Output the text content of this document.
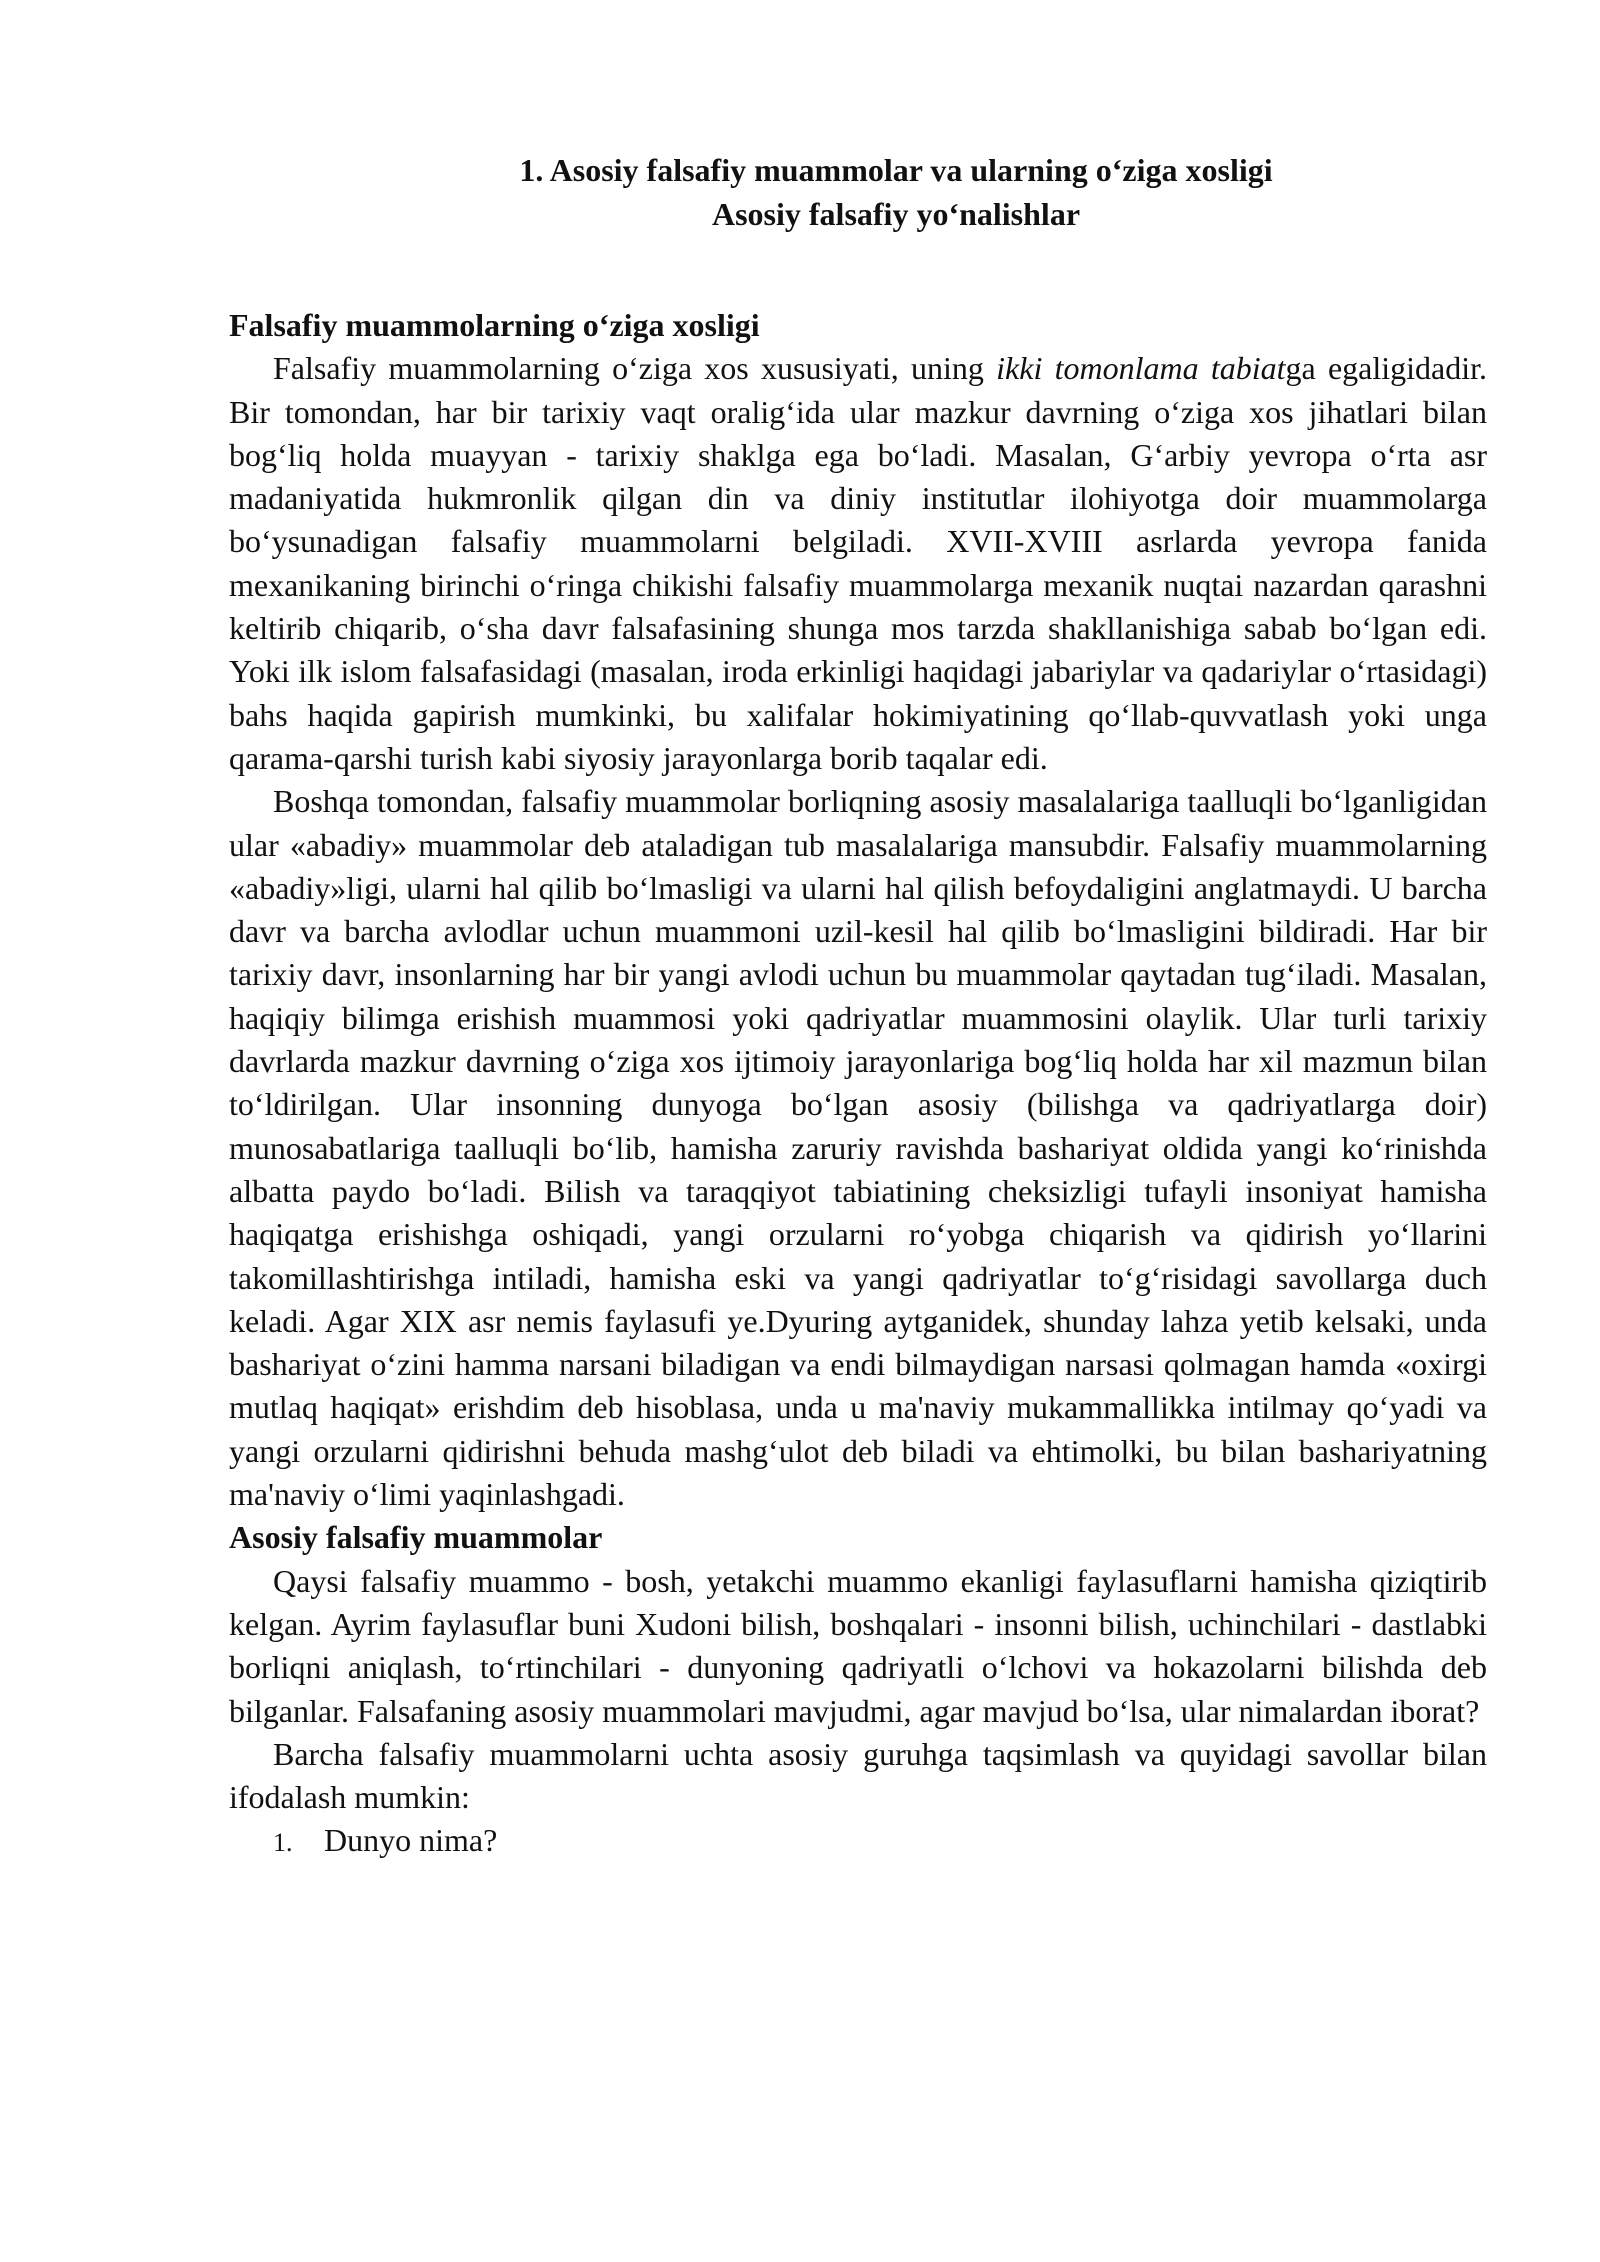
1. Asosiy falsafiy muammolar va ularning o‘ziga xosligi
Asosiy falsafiy yo‘nalishlar
Falsafiy muammolarning o‘ziga xosligi

Falsafiy muammolarning o‘ziga xos xususiyati, uning ikki tomonlama tabiatga egaligidadir. Bir tomondan, har bir tarixiy vaqt oralig‘ida ular mazkur davrning o‘ziga xos jihatlari bilan bog‘liq holda muayyan - tarixiy shaklga ega bo‘ladi. Masalan, G‘arbiy yevropa o‘rta asr madaniyatida hukmronlik qilgan din va diniy institutlar ilohiyotga doir muammolarga bo‘ysunadigan falsafiy muammolarni belgiladi. XVII-XVIII asrlarda yevropa fanida mexanikaning birinchi o‘ringa chikishi falsafiy muammolarga mexanik nuqtai nazardan qarashni keltirib chiqarib, o‘sha davr falsafasining shunga mos tarzda shakllanishiga sabab bo‘lgan edi. Yoki ilk islom falsafasidagi (masalan, iroda erkinligi haqidagi jabariylar va qadariylar o‘rtasidagi) bahs haqida gapirish mumkinki, bu xalifalar hokimiyatining qo‘llab-quvvatlash yoki unga qarama-qarshi turish kabi siyosiy jarayonlarga borib taqalar edi.

Boshqa tomondan, falsafiy muammolar borliqning asosiy masalalariga taalluqli bo‘lganligidan ular «abadiy» muammolar deb ataladigan tub masalalariga mansubdir. Falsafiy muammolarning «abadiy»ligi, ularni hal qilib bo‘lmasligi va ularni hal qilish befoydaligini anglatmaydi. U barcha davr va barcha avlodlar uchun muammoni uzil-kesil hal qilib bo‘lmasligini bildiradi. Har bir tarixiy davr, insonlarning har bir yangi avlodi uchun bu muammolar qaytadan tug‘iladi. Masalan, haqiqiy bilimga erishish muammosi yoki qadriyatlar muammosini olaylik. Ular turli tarixiy davrlarda mazkur davrning o‘ziga xos ijtimoiy jarayonlariga bog‘liq holda har xil mazmun bilan to‘ldirilgan. Ular insonning dunyoga bo‘lgan asosiy (bilishga va qadriyatlarga doir) munosabatlariga taalluqli bo‘lib, hamisha zaruriy ravishda bashariyat oldida yangi ko‘rinishda albatta paydo bo‘ladi. Bilish va taraqqiyot tabiatining cheksizligi tufayli insoniyat hamisha haqiqatga erishishga oshiqadi, yangi orzularni ro‘yobga chiqarish va qidirish yo‘llarini takomillashtirishga intiladi, hamisha eski va yangi qadriyatlar to‘g‘risidagi savollarga duch keladi. Agar XIX asr nemis faylasufi ye.Dyuring aytganidek, shunday lahza yetib kelsaki, unda bashariyat o‘zini hamma narsani biladigan va endi bilmaydigan narsasi qolmagan hamda «oxirgi mutlaq haqiqat» erishdim deb hisoblasa, unda u ma'naviy mukammallikka intilmay qo‘yadi va yangi orzularni qidirishni behuda mashg‘ulot deb biladi va ehtimolki, bu bilan bashariyatning ma'naviy o‘limi yaqinlashgadi.

Asosiy falsafiy muammolar

Qaysi falsafiy muammo - bosh, yetakchi muammo ekanligi faylasuflarni hamisha qiziqtirib kelgan. Ayrim faylasuflar buni Xudoni bilish, boshqalari - insonni bilish, uchinchilari - dastlabki borliqni aniqlash, to‘rtinchilari - dunyoning qadriyatli o‘lchovi va hokazolarni bilishda deb bilganlar. Falsafaning asosiy muammolari mavjudmi, agar mavjud bo‘lsa, ular nimalardan iborat?

Barcha falsafiy muammolarni uchta asosiy guruhga taqsimlash va quyidagi savollar bilan ifodalash mumkin:

1. Dunyo nima?
